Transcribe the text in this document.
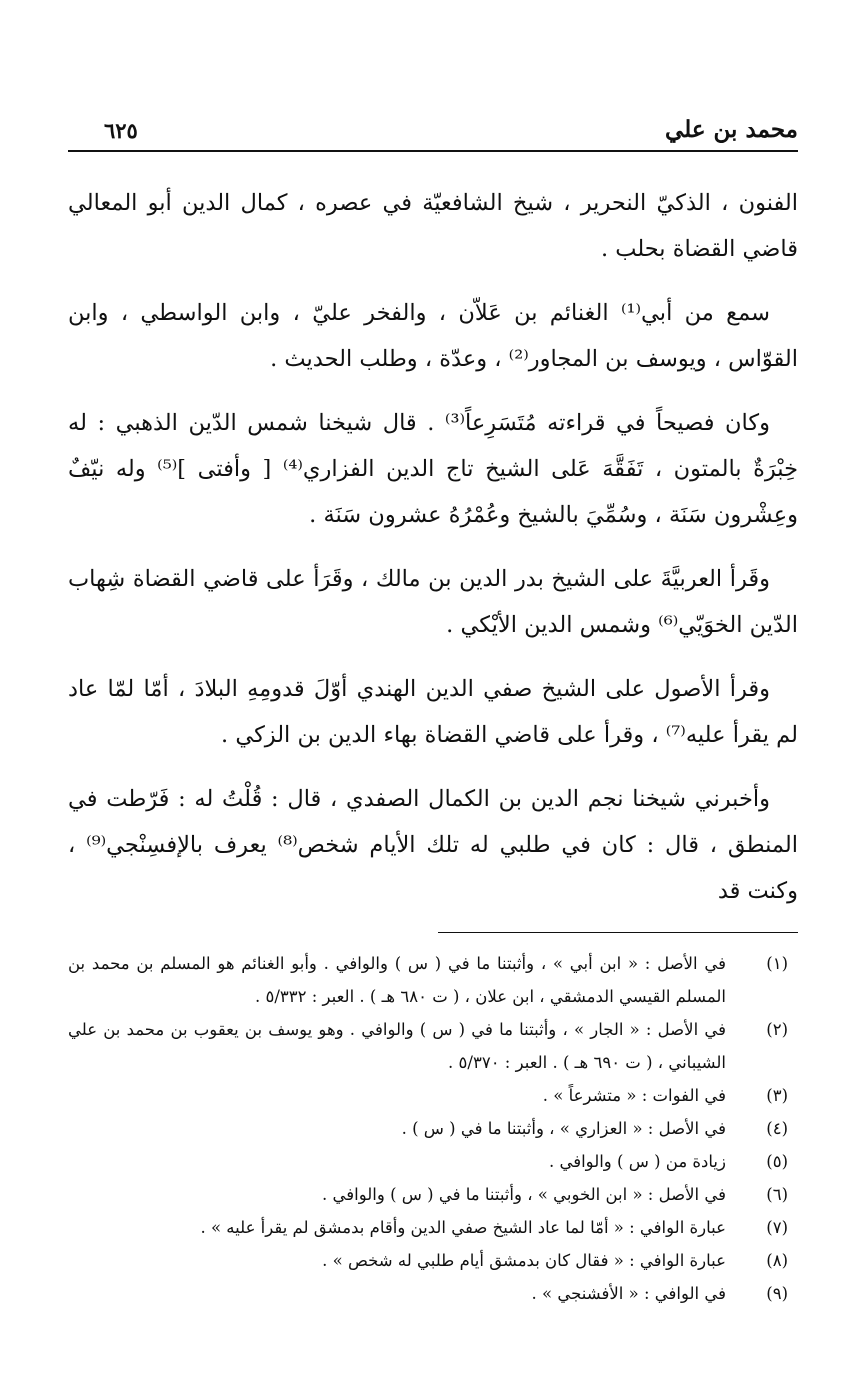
محمد بن علي
٦٢٥

الفنون ، الذكيّ النحرير ، شيخ الشافعيّة في عصره ، كمال الدين أبو المعالي قاضي القضاة بحلب .

سمع من أبي⁽¹⁾ الغنائم بن عَلاّن ، والفخر عليّ ، وابن الواسطي ، وابن القوّاس ، ويوسف بن المجاور⁽²⁾ ، وعدّة ، وطلب الحديث .

وكان فصيحاً في قراءته مُتَسَرِعاً⁽³⁾ . قال شيخنا شمس الدّين الذهبي : له خِبْرَةٌ بالمتون ، تَفَقَّهَ عَلى الشيخ تاج الدين الفزاري⁽⁴⁾ [ وأفتى ]⁽⁵⁾ وله نيّفٌ وعِشْرون سَنَة ، وسُمِّيَ بالشيخ وعُمْرُهُ عشرون سَنَة .

وقَرأ العربيَّةَ على الشيخ بدر الدين بن مالك ، وقَرَأ على قاضي القضاة شِهاب الدّين الخوَيّي⁽⁶⁾ وشمس الدين الأيْكي .

وقرأ الأصول على الشيخ صفي الدين الهندي أوّلَ قدومِهِ البلادَ ، أمّا لمّا عاد لم يقرأ عليه⁽⁷⁾ ، وقرأ على قاضي القضاة بهاء الدين بن الزكي .

وأخبرني شيخنا نجم الدين بن الكمال الصفدي ، قال : قُلْتُ له : فَرّطت في المنطق ، قال : كان في طلبي له تلك الأيام شخص⁽⁸⁾ يعرف بالإفسِنْجي⁽⁹⁾ ، وكنت قد

(١)
في الأصل : « ابن أبي » ، وأثبتنا ما في ( س ) والوافي . وأبو الغنائم هو المسلم بن محمد بن المسلم القيسي الدمشقي ، ابن علان ، ( ت ٦٨٠ هـ ) . العبر : ٥/٣٣٢ .
(٢)
في الأصل : « الجار » ، وأثبتنا ما في ( س ) والوافي . وهو يوسف بن يعقوب بن محمد بن علي الشيباني ، ( ت ٦٩٠ هـ ) . العبر : ٥/٣٧٠ .
(٣)
في الفوات : « متشرعاً » .
(٤)
في الأصل : « العزاري » ، وأثبتنا ما في ( س ) .
(٥)
زيادة من ( س ) والوافي .
(٦)
في الأصل : « ابن الخوبي » ، وأثبتنا ما في ( س ) والوافي .
(٧)
عبارة الوافي : « أمّا لما عاد الشيخ صفي الدين وأقام بدمشق لم يقرأ عليه » .
(٨)
عبارة الوافي : « فقال كان بدمشق أيام طلبي له شخص » .
(٩)
في الوافي : « الأفشنجي » .
